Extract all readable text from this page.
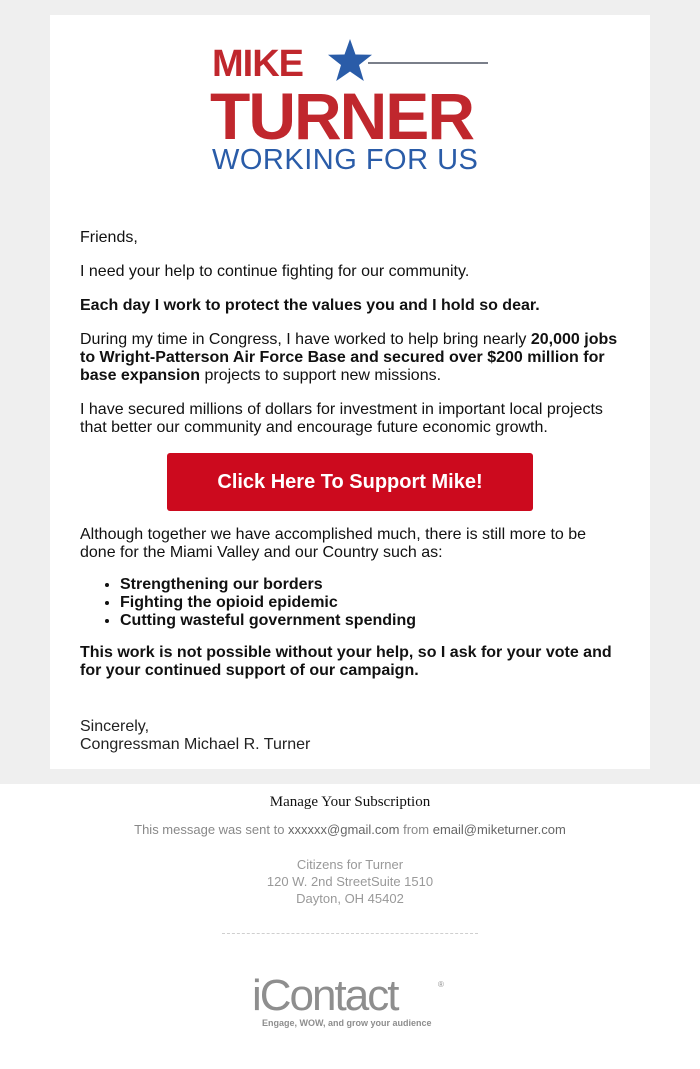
MIKE
TURNER
WORKING FOR US

Friends,

I need your help to continue fighting for our community.

Each day I work to protect the values you and I hold so dear.

During my time in Congress, I have worked to help bring nearly 20,000 jobs to Wright-Patterson Air Force Base and secured over $200 million for base expansion projects to support new missions.

I have secured millions of dollars for investment in important local projects that better our community and encourage future economic growth.

Click Here To Support Mike!

Although together we have accomplished much, there is still more to be done for the Miami Valley and our Country such as:

• Strengthening our borders
• Fighting the opioid epidemic
• Cutting wasteful government spending

This work is not possible without your help, so I ask for your vote and for your continued support of our campaign.

Sincerely,
Congressman Michael R. Turner
Manage Your Subscription
This message was sent to xxxxxx@gmail.com from email@miketurner.com
Citizens for Turner
120 W. 2nd StreetSuite 1510
Dayton, OH 45402
iContact	®
Engage, WOW, and grow your audience
